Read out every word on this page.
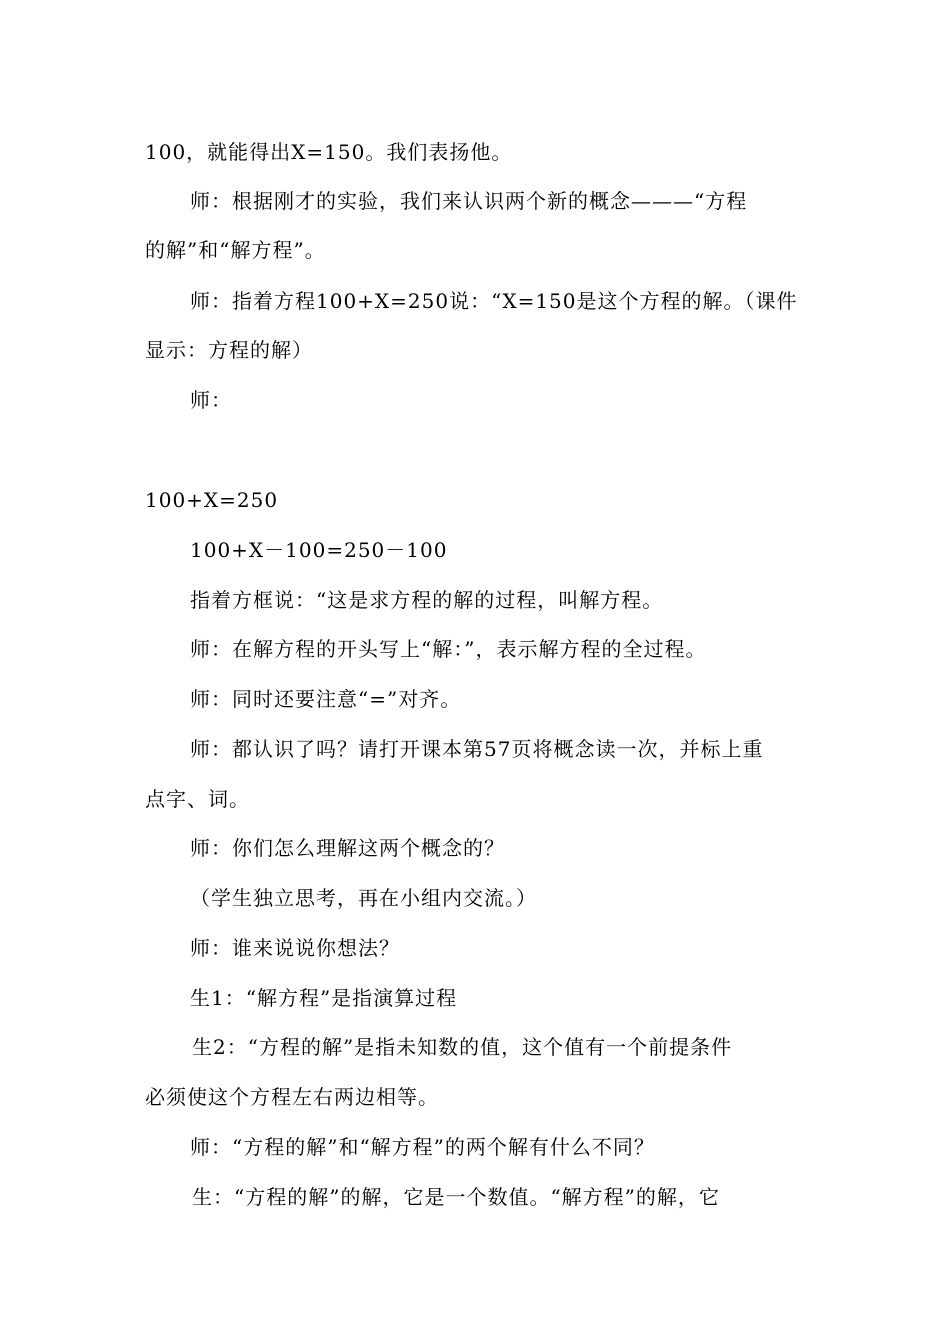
100，就能得出X=150。我们表扬他。

师：根据刚才的实验，我们来认识两个新的概念———“方程

的解”和“解方程”。

师：指着方程100+X=250说：“X=150是这个方程的解。（课件

显示：方程的解）

师：

100+X=250

100+X－100=250－100

指着方框说：“这是求方程的解的过程，叫解方程。

师：在解方程的开头写上“解：”，表示解方程的全过程。

师：同时还要注意“=”对齐。

师：都认识了吗？请打开课本第57页将概念读一次，并标上重

点字、词。

师：你们怎么理解这两个概念的？

（学生独立思考，再在小组内交流。）

师：谁来说说你想法？

生1：“解方程”是指演算过程

生2：“方程的解”是指未知数的值，这个值有一个前提条件

必须使这个方程左右两边相等。

师：“方程的解”和“解方程”的两个解有什么不同？

生：“方程的解”的解，它是一个数值。“解方程”的解，它
